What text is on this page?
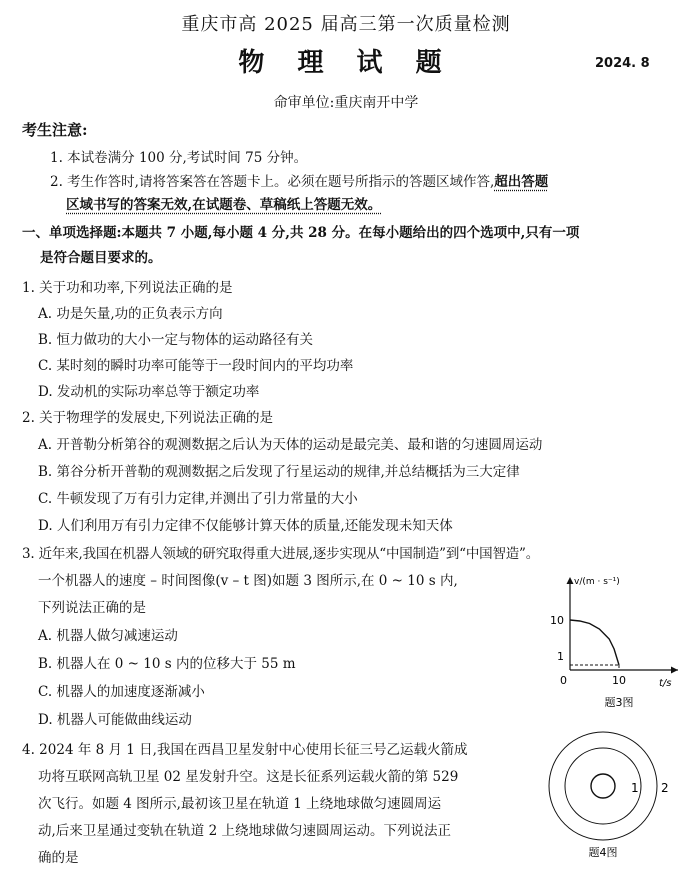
重庆市高 2025 届高三第一次质量检测
物 理 试 题	2024. 8
命审单位:重庆南开中学
考生注意:
1. 本试卷满分 100 分,考试时间 75 分钟。
2. 考生作答时,请将答案答在答题卡上。必须在题号所指示的答题区域作答,超出答题
区域书写的答案无效,在试题卷、草稿纸上答题无效。
一、单项选择题:本题共 7 小题,每小题 4 分,共 28 分。在每小题给出的四个选项中,只有一项
是符合题目要求的。
1. 关于功和功率,下列说法正确的是
A. 功是矢量,功的正负表示方向
B. 恒力做功的大小一定与物体的运动路径有关
C. 某时刻的瞬时功率可能等于一段时间内的平均功率
D. 发动机的实际功率总等于额定功率
2. 关于物理学的发展史,下列说法正确的是
A. 开普勒分析第谷的观测数据之后认为天体的运动是最完美、最和谐的匀速圆周运动
B. 第谷分析开普勒的观测数据之后发现了行星运动的规律,并总结概括为三大定律
C. 牛顿发现了万有引力定律,并测出了引力常量的大小
D. 人们利用万有引力定律不仅能够计算天体的质量,还能发现未知天体
3. 近年来,我国在机器人领域的研究取得重大进展,逐步实现从“中国制造”到“中国智造”。
一个机器人的速度 – 时间图像(v – t 图)如题 3 图所示,在 0 ~ 10 s 内,
下列说法正确的是
A. 机器人做匀减速运动
B. 机器人在 0 ~ 10 s 内的位移大于 55 m
C. 机器人的加速度逐渐减小
D. 机器人可能做曲线运动
v/(m · s⁻¹)
t/s
10
1
0	10
题3图
4. 2024 年 8 月 1 日,我国在西昌卫星发射中心使用长征三号乙运载火箭成
功将互联网高轨卫星 02 星发射升空。这是长征系列运载火箭的第 529
次飞行。如题 4 图所示,最初该卫星在轨道 1 上绕地球做匀速圆周运
动,后来卫星通过变轨在轨道 2 上绕地球做匀速圆周运动。下列说法正
确的是
1 2
题4图
